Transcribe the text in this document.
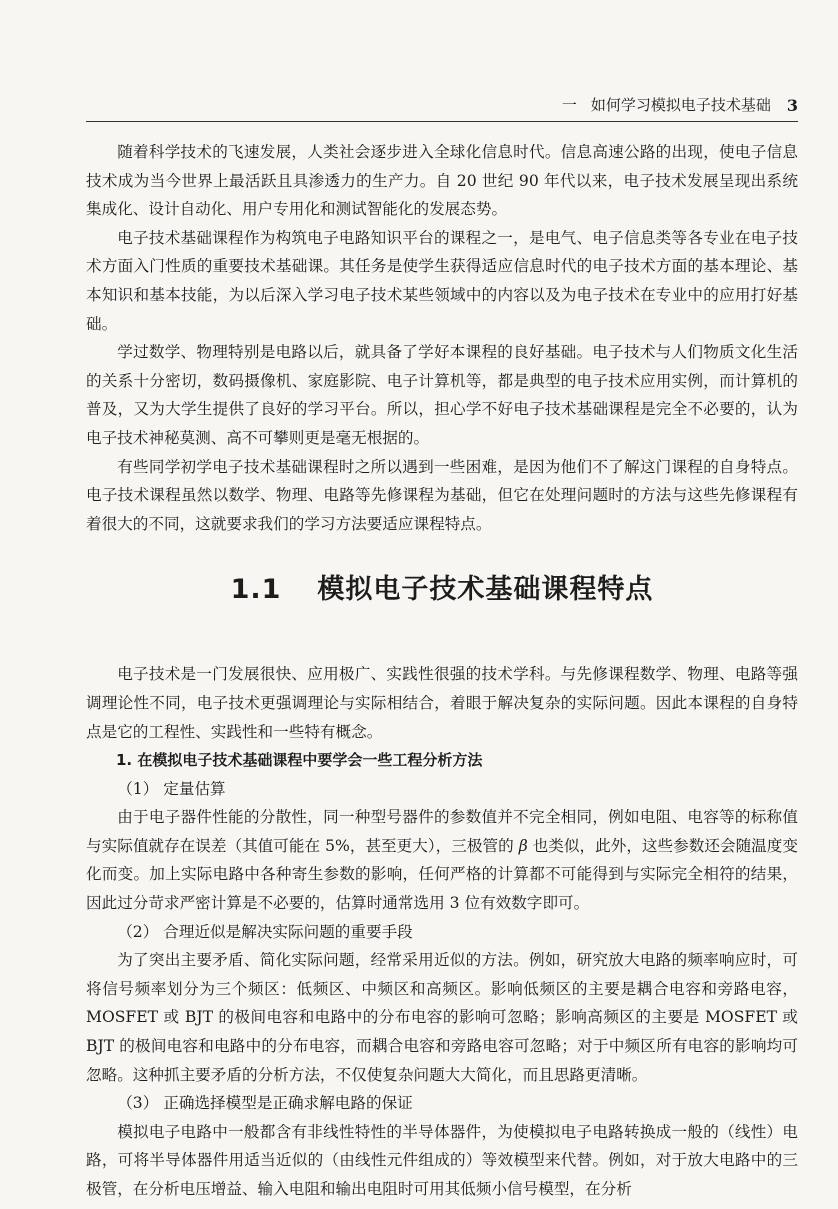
一 如何学习模拟电子技术基础 3

随着科学技术的飞速发展，人类社会逐步进入全球化信息时代。信息高速公路的出现，使电子信息技术成为当今世界上最活跃且具渗透力的生产力。自 20 世纪 90 年代以来，电子技术发展呈现出系统集成化、设计自动化、用户专用化和测试智能化的发展态势。

电子技术基础课程作为构筑电子电路知识平台的课程之一，是电气、电子信息类等各专业在电子技术方面入门性质的重要技术基础课。其任务是使学生获得适应信息时代的电子技术方面的基本理论、基本知识和基本技能，为以后深入学习电子技术某些领域中的内容以及为电子技术在专业中的应用打好基础。

学过数学、物理特别是电路以后，就具备了学好本课程的良好基础。电子技术与人们物质文化生活的关系十分密切，数码摄像机、家庭影院、电子计算机等，都是典型的电子技术应用实例，而计算机的普及，又为大学生提供了良好的学习平台。所以，担心学不好电子技术基础课程是完全不必要的，认为电子技术神秘莫测、高不可攀则更是毫无根据的。

有些同学初学电子技术基础课程时之所以遇到一些困难，是因为他们不了解这门课程的自身特点。电子技术课程虽然以数学、物理、电路等先修课程为基础，但它在处理问题时的方法与这些先修课程有着很大的不同，这就要求我们的学习方法要适应课程特点。

1.1 模拟电子技术基础课程特点

电子技术是一门发展很快、应用极广、实践性很强的技术学科。与先修课程数学、物理、电路等强调理论性不同，电子技术更强调理论与实际相结合，着眼于解决复杂的实际问题。因此本课程的自身特点是它的工程性、实践性和一些特有概念。

1. 在模拟电子技术基础课程中要学会一些工程分析方法

（1） 定量估算

由于电子器件性能的分散性，同一种型号器件的参数值并不完全相同，例如电阻、电容等的标称值与实际值就存在误差（其值可能在 5%，甚至更大），三极管的 β 也类似，此外，这些参数还会随温度变化而变。加上实际电路中各种寄生参数的影响，任何严格的计算都不可能得到与实际完全相符的结果，因此过分苛求严密计算是不必要的，估算时通常选用 3 位有效数字即可。

（2） 合理近似是解决实际问题的重要手段

为了突出主要矛盾、简化实际问题，经常采用近似的方法。例如，研究放大电路的频率响应时，可将信号频率划分为三个频区：低频区、中频区和高频区。影响低频区的主要是耦合电容和旁路电容，MOSFET 或 BJT 的极间电容和电路中的分布电容的影响可忽略；影响高频区的主要是 MOSFET 或 BJT 的极间电容和电路中的分布电容，而耦合电容和旁路电容可忽略；对于中频区所有电容的影响均可忽略。这种抓主要矛盾的分析方法，不仅使复杂问题大大简化，而且思路更清晰。

（3） 正确选择模型是正确求解电路的保证

模拟电子电路中一般都含有非线性特性的半导体器件，为使模拟电子电路转换成一般的（线性）电路，可将半导体器件用适当近似的（由线性元件组成的）等效模型来代替。例如，对于放大电路中的三极管，在分析电压增益、输入电阻和输出电阻时可用其低频小信号模型，在分析
